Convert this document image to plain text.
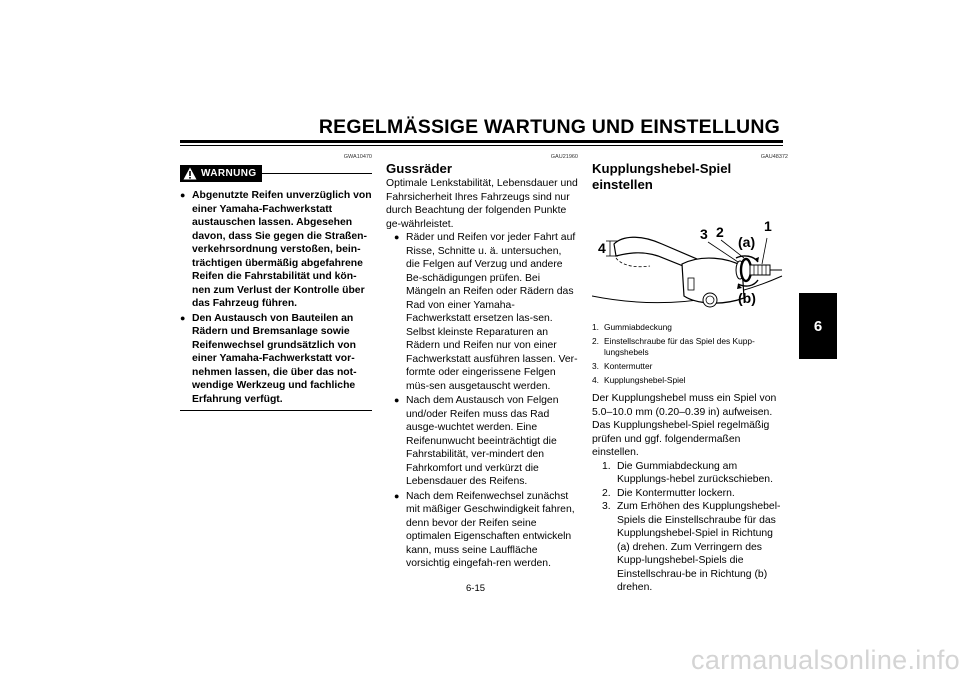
REGELMÄSSIGE WARTUNG UND EINSTELLUNG
6
GWA10470
WARNUNG
● Abgenutzte Reifen unverzüglich von einer Yamaha-Fachwerkstatt austauschen lassen. Abgesehen davon, dass Sie gegen die Straßen-verkehrsordnung verstoßen, bein-trächtigen übermäßig abgefahrene Reifen die Fahrstabilität und kön-nen zum Verlust der Kontrolle über das Fahrzeug führen.
● Den Austausch von Bauteilen an Rädern und Bremsanlage sowie Reifenwechsel grundsätzlich von einer Yamaha-Fachwerkstatt vor-nehmen lassen, die über das not-wendige Werkzeug und fachliche Erfahrung verfügt.
GAU21960
Gussräder
Optimale Lenkstabilität, Lebensdauer und Fahrsicherheit Ihres Fahrzeugs sind nur durch Beachtung der folgenden Punkte ge-währleistet.
● Räder und Reifen vor jeder Fahrt auf Risse, Schnitte u. ä. untersuchen, die Felgen auf Verzug und andere Be-schädigungen prüfen. Bei Mängeln an Reifen oder Rädern das Rad von einer Yamaha-Fachwerkstatt ersetzen las-sen. Selbst kleinste Reparaturen an Rädern und Reifen nur von einer Fachwerkstatt ausführen lassen. Ver-formte oder eingerissene Felgen müs-sen ausgetauscht werden.
● Nach dem Austausch von Felgen und/oder Reifen muss das Rad ausge-wuchtet werden. Eine Reifenunwucht beeinträchtigt die Fahrstabilität, ver-mindert den Fahrkomfort und verkürzt die Lebensdauer des Reifens.
● Nach dem Reifenwechsel zunächst mit mäßiger Geschwindigkeit fahren, denn bevor der Reifen seine optimalen Eigenschaften entwickeln kann, muss seine Lauffläche vorsichtig eingefah-ren werden.
GAU48372
Kupplungshebel-Spiel einstellen
4
3 2	1
(a)
(b)
1. Gummiabdeckung
2. Einstellschraube für das Spiel des Kupp-lungshebels
3. Kontermutter
4. Kupplungshebel-Spiel
Der Kupplungshebel muss ein Spiel von 5.0–10.0 mm (0.20–0.39 in) aufweisen. Das Kupplungshebel-Spiel regelmäßig prüfen und ggf. folgendermaßen einstellen.
1. Die Gummiabdeckung am Kupplungs-hebel zurückschieben.
2. Die Kontermutter lockern.
3. Zum Erhöhen des Kupplungshebel-Spiels die Einstellschraube für das Kupplungshebel-Spiel in Richtung (a) drehen. Zum Verringern des Kupp-lungshebel-Spiels die Einstellschrau-be in Richtung (b) drehen.
6-15
carmanualsonline.info
